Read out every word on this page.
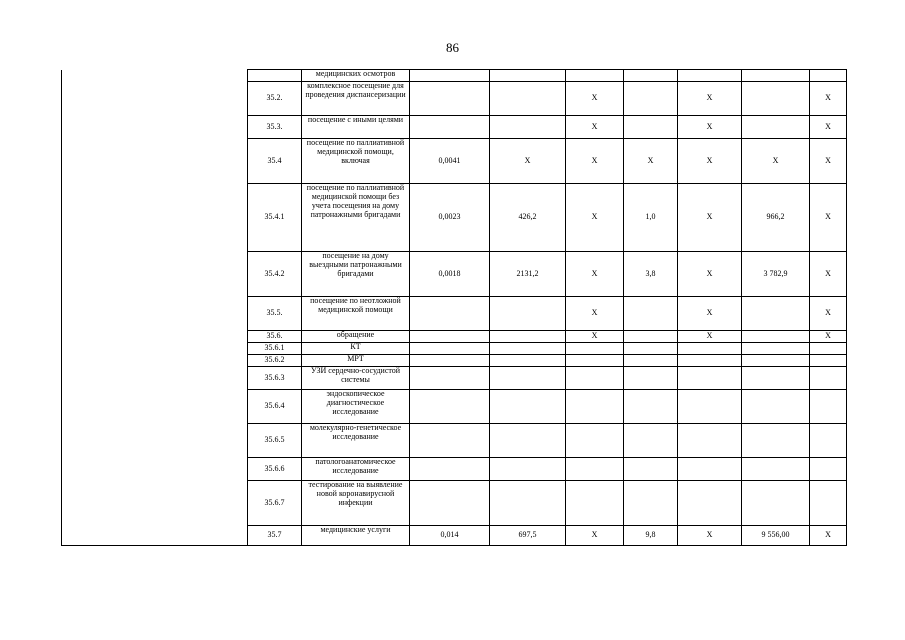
86
		медицинских осмотров							
	35.2.	комплексное посещение для проведения диспансеризации			Х		Х		Х
	35.3.	посещение с иными целями			Х		Х		Х
	35.4	посещение по паллиативной медицинской помощи, включая	0,0041	Х	Х	Х	Х	Х	Х
	35.4.1	посещение по паллиативной медицинской помощи без учета посещения на дому патронажными бригадами	0,0023	426,2	Х	1,0	Х	966,2	Х
	35.4.2	посещение на дому выездными патронажными бригадами	0,0018	2131,2	Х	3,8	Х	3 782,9	Х
	35.5.	посещение по неотложной медицинской помощи			Х		Х		Х
	35.6.	обращение			Х		Х		Х
	35.6.1	КТ							
	35.6.2	МРТ							
	35.6.3	УЗИ сердечно-сосудистой системы							
	35.6.4	эндоскопическое диагностическое исследование							
	35.6.5	молекулярно-генетическое исследование							
	35.6.6	патологоанатомическое исследование							
	35.6.7	тестирование на выявление новой коронавирусной инфекции							
	35.7	медицинские услуги	0,014	697,5	Х	9,8	Х	9 556,00	Х
